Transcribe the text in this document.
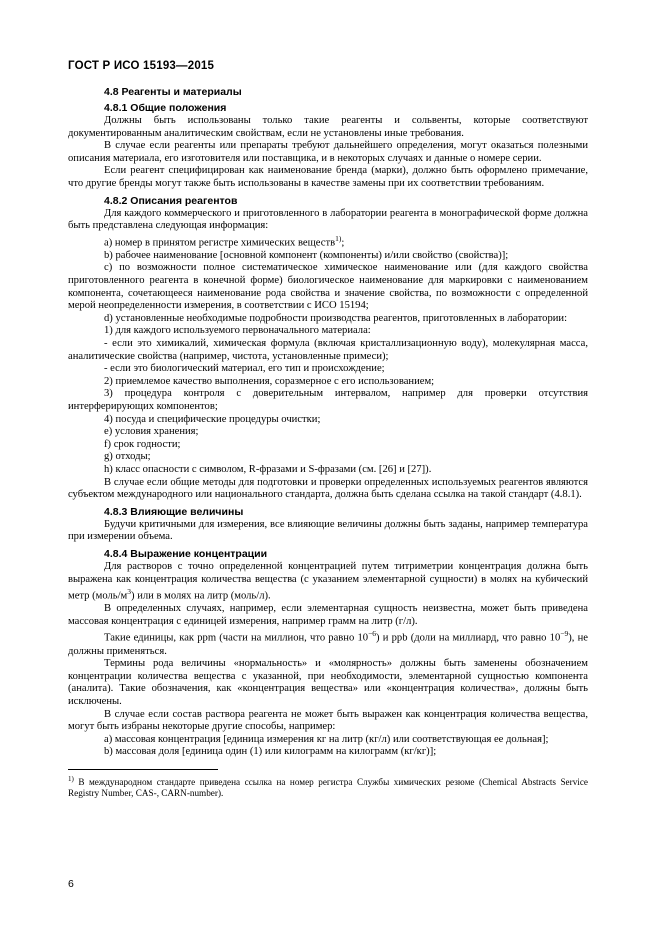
ГОСТ Р ИСО 15193—2015
4.8 Реагенты и материалы
4.8.1 Общие положения

Должны быть использованы только такие реагенты и сольвенты, которые соответствуют документированным аналитическим свойствам, если не установлены иные требования.

В случае если реагенты или препараты требуют дальнейшего определения, могут оказаться полезными описания материала, его изготовителя или поставщика, и в некоторых случаях и данные о номере серии.

Если реагент специфицирован как наименование бренда (марки), должно быть оформлено примечание, что другие бренды могут также быть использованы в качестве замены при их соответствии требованиям.

4.8.2 Описания реагентов

Для каждого коммерческого и приготовленного в лаборатории реагента в монографической форме должна быть представлена следующая информация:

a) номер в принятом регистре химических веществ$^{1)}$;

b) рабочее наименование [основной компонент (компоненты) и/или свойство (свойства)];

c) по возможности полное систематическое химическое наименование или (для каждого свойства приготовленного реагента в конечной форме) биологическое наименование для маркировки с наименованием компонента, сочетающееся наименование рода свойства и значение свойства, по возможности с определенной мерой неопределенности измерения, в соответствии с ИСО 15194;

d) установленные необходимые подробности производства реагентов, приготовленных в лаборатории:

1) для каждого используемого первоначального материала:

- если это химикалий, химическая формула (включая кристаллизационную воду), молекулярная масса, аналитические свойства (например, чистота, установленные примеси);

- если это биологический материал, его тип и происхождение;

2) приемлемое качество выполнения, соразмерное с его использованием;

3) процедура контроля с доверительным интервалом, например для проверки отсутствия интерферирующих компонентов;

4) посуда и специфические процедуры очистки;

e) условия хранения;

f) срок годности;

g) отходы;

h) класс опасности с символом, R-фразами и S-фразами (см. [26] и [27]).

В случае если общие методы для подготовки и проверки определенных используемых реагентов являются субъектом международного или национального стандарта, должна быть сделана ссылка на такой стандарт (4.8.1).

4.8.3 Влияющие величины

Будучи критичными для измерения, все влияющие величины должны быть заданы, например температура при измерении объема.

4.8.4 Выражение концентрации

Для растворов с точно определенной концентрацией путем титриметрии концентрация должна быть выражена как концентрация количества вещества (с указанием элементарной сущности) в молях на кубический метр $(моль/м^3)$ или в молях на литр (моль/л).

В определенных случаях, например, если элементарная сущность неизвестна, может быть приведена массовая концентрация с единицей измерения, например грамм на литр (г/л).

Такие единицы, как ppm (части на миллион, что равно $10^{-6}$) и ppb (доли на миллиард, что равно $10^{-9}$), не должны применяться.

Термины рода величины «нормальность» и «молярность» должны быть заменены обозначением концентрации количества вещества с указанной, при необходимости, элементарной сущностью компонента (аналита). Такие обозначения, как «концентрация вещества» или «концентрация количества», должны быть исключены.

В случае если состав раствора реагента не может быть выражен как концентрация количества вещества, могут быть избраны некоторые другие способы, например:

a) массовая концентрация [единица измерения кг на литр (кг/л) или соответствующая ее дольная];

b) массовая доля [единица один (1) или килограмм на килограмм (кг/кг)];

$^{1)}$ В международном стандарте приведена ссылка на номер регистра Службы химических резюме (Chemical Abstracts Service Registry Number, CAS-, CARN-number).

6
